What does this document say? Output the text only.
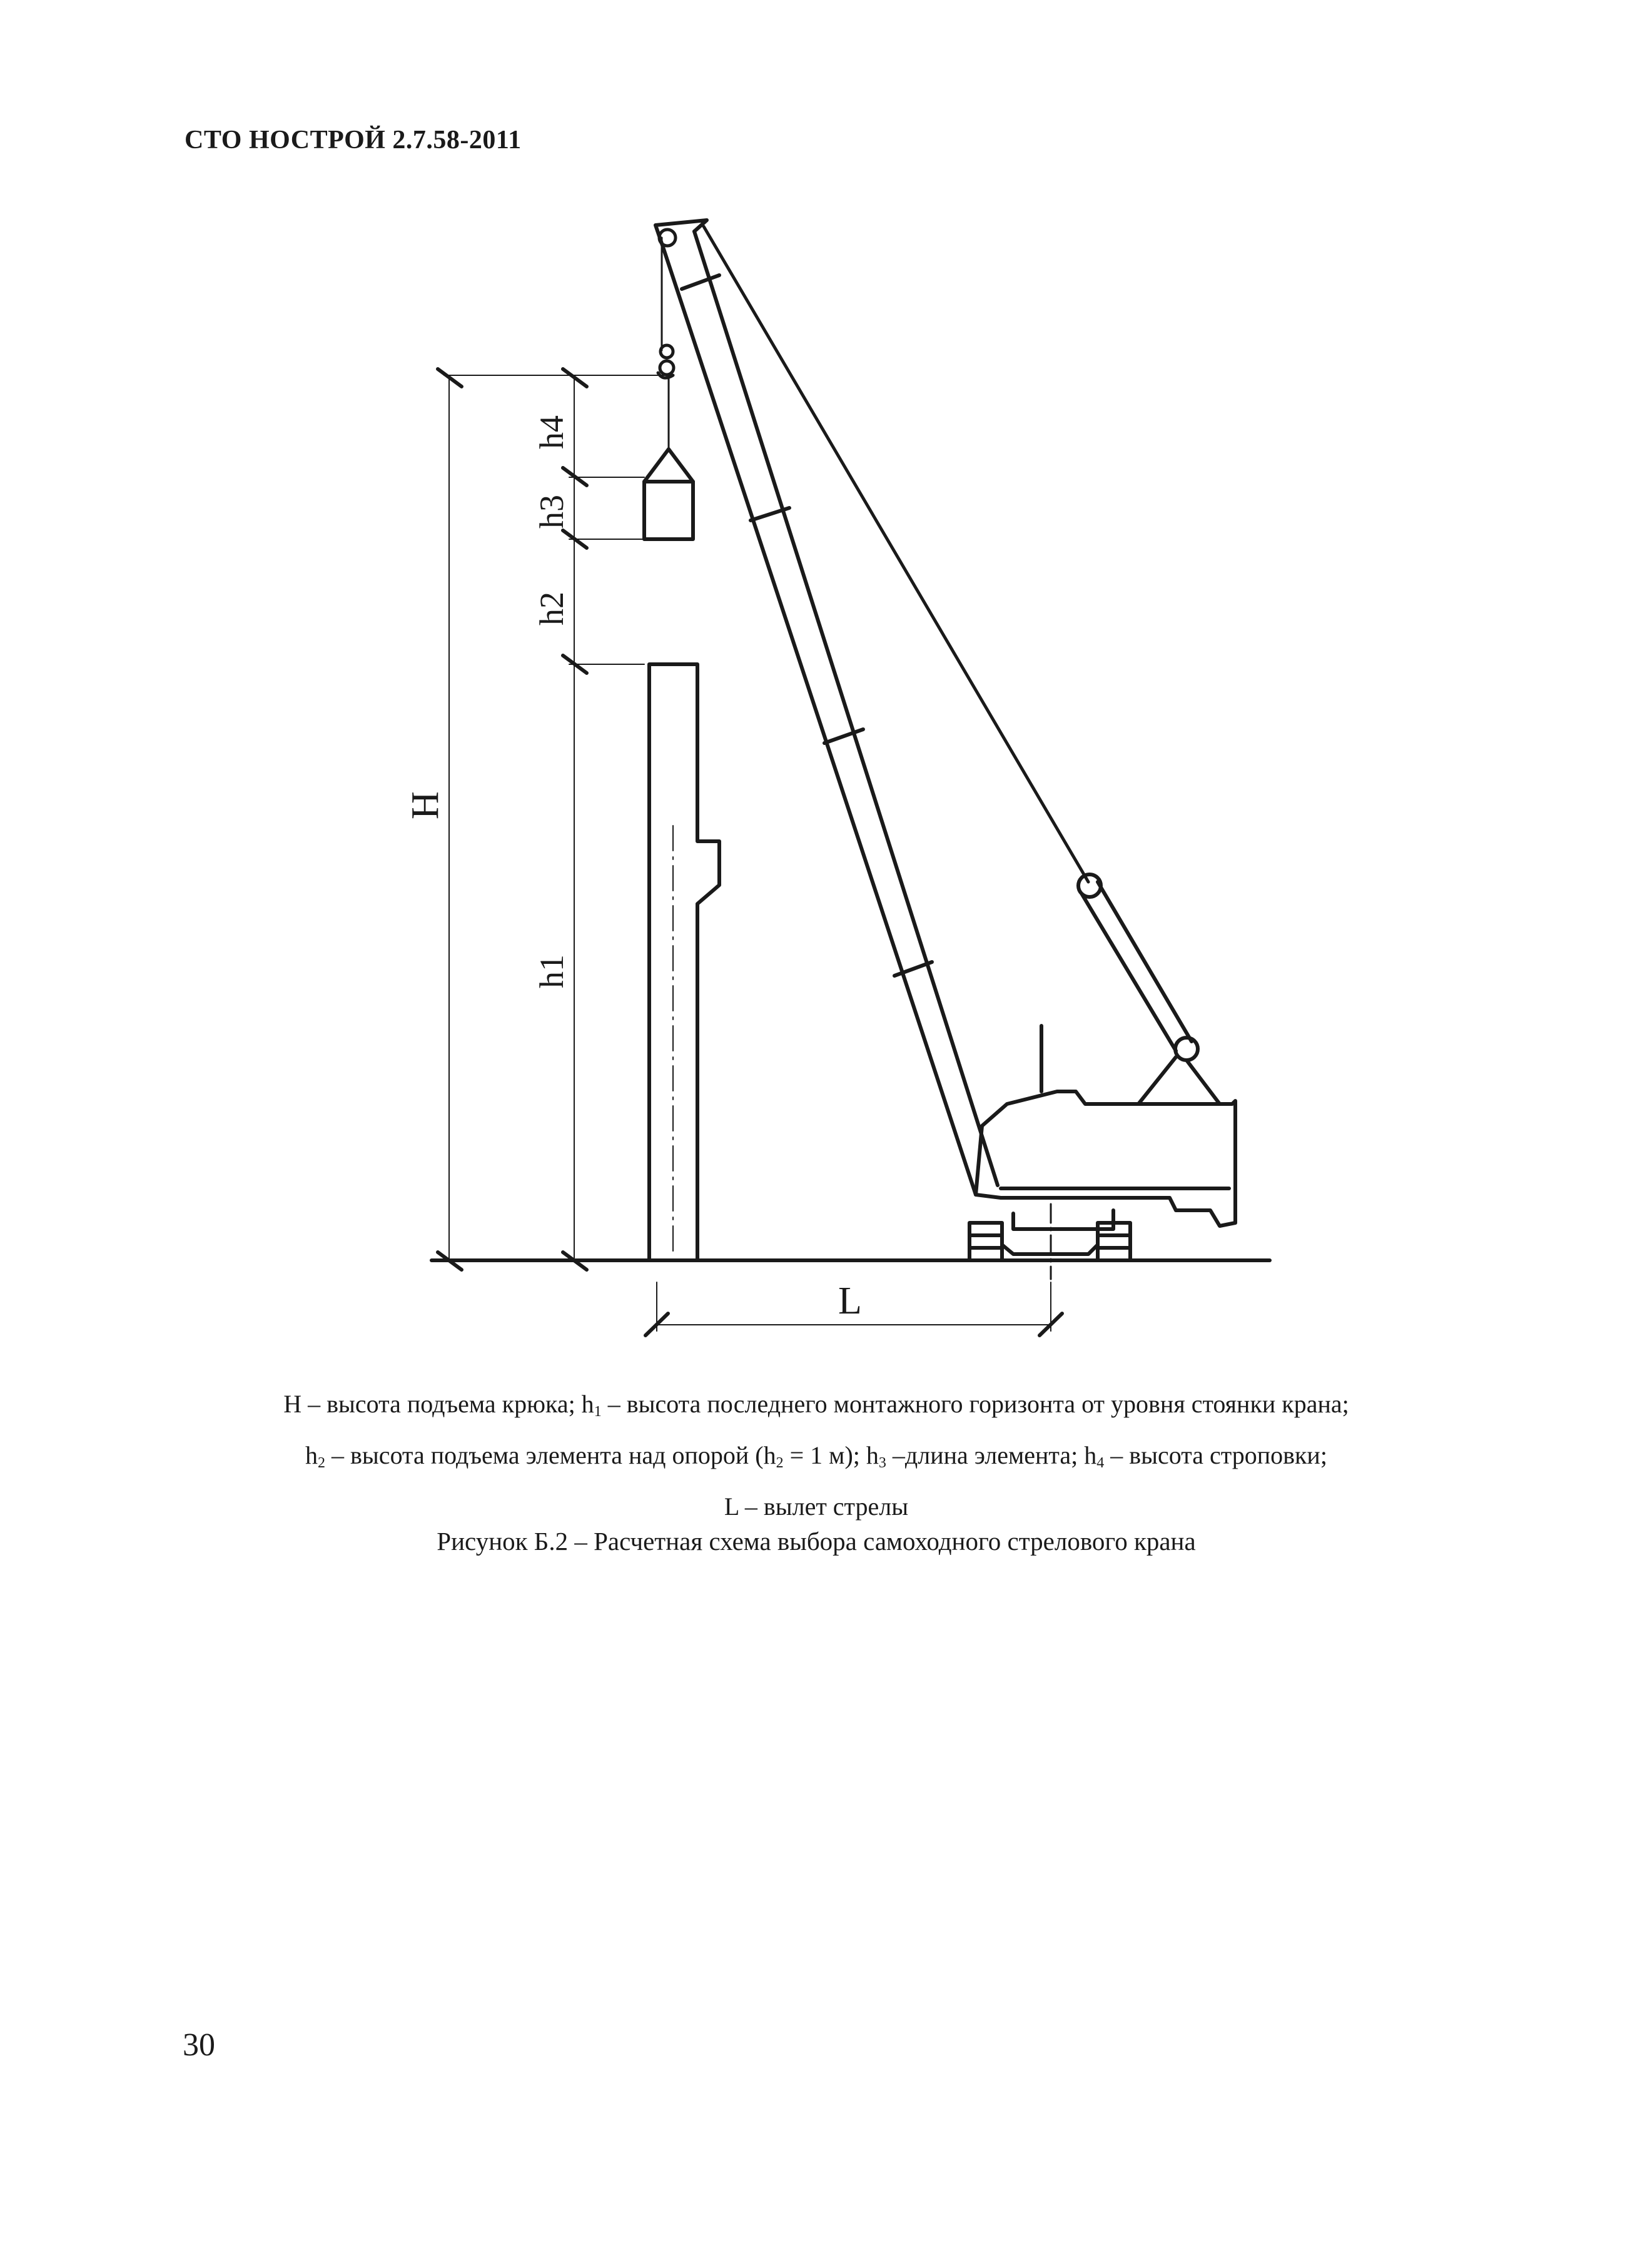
СТО НОСТРОЙ 2.7.58-2011
H
h4
h3
h2
h1
L
H – высота подъема крюка; $h_1$ – высота последнего монтажного горизонта от уровня стоянки крана;
$h_2$ – высота подъема элемента над опорой ($h_2 = 1$ м); $h_3$ –длина элемента; $h_4$ – высота строповки;
L – вылет стрелы
Рисунок Б.2 – Расчетная схема выбора самоходного стрелового крана
30
